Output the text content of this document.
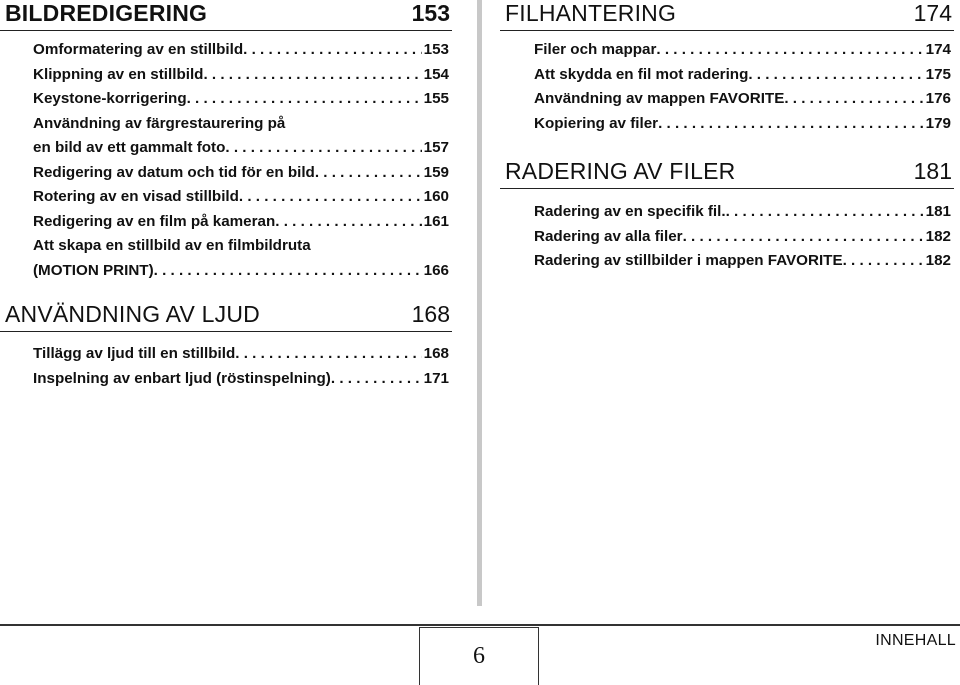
BILDREDIGERING	153
Omformatering av en stillbild . . .	153
Klippning av en stillbild . . .	154
Keystone-korrigering . . .	155
Användning av färgrestaurering på
en bild av ett gammalt foto . . .	157
Redigering av datum och tid för en bild . . .	159
Rotering av en visad stillbild . . .	160
Redigering av en film på kameran . . .	161
Att skapa en stillbild av en filmbildruta
(MOTION PRINT) . . .	166
ANVÄNDNING AV LJUD	168
Tillägg av ljud till en stillbild . . .	168
Inspelning av enbart ljud (röstinspelning) . . .	171
FILHANTERING	174
Filer och mappar . . .	174
Att skydda en fil mot radering . . .	175
Användning av mappen FAVORITE . . .	176
Kopiering av filer . . .	179
RADERING AV FILER	181
Radering av en specifik fil. . . .	181
Radering av alla filer . . .	182
Radering av stillbilder i mappen FAVORITE . . .	182
6
INNEHALL
